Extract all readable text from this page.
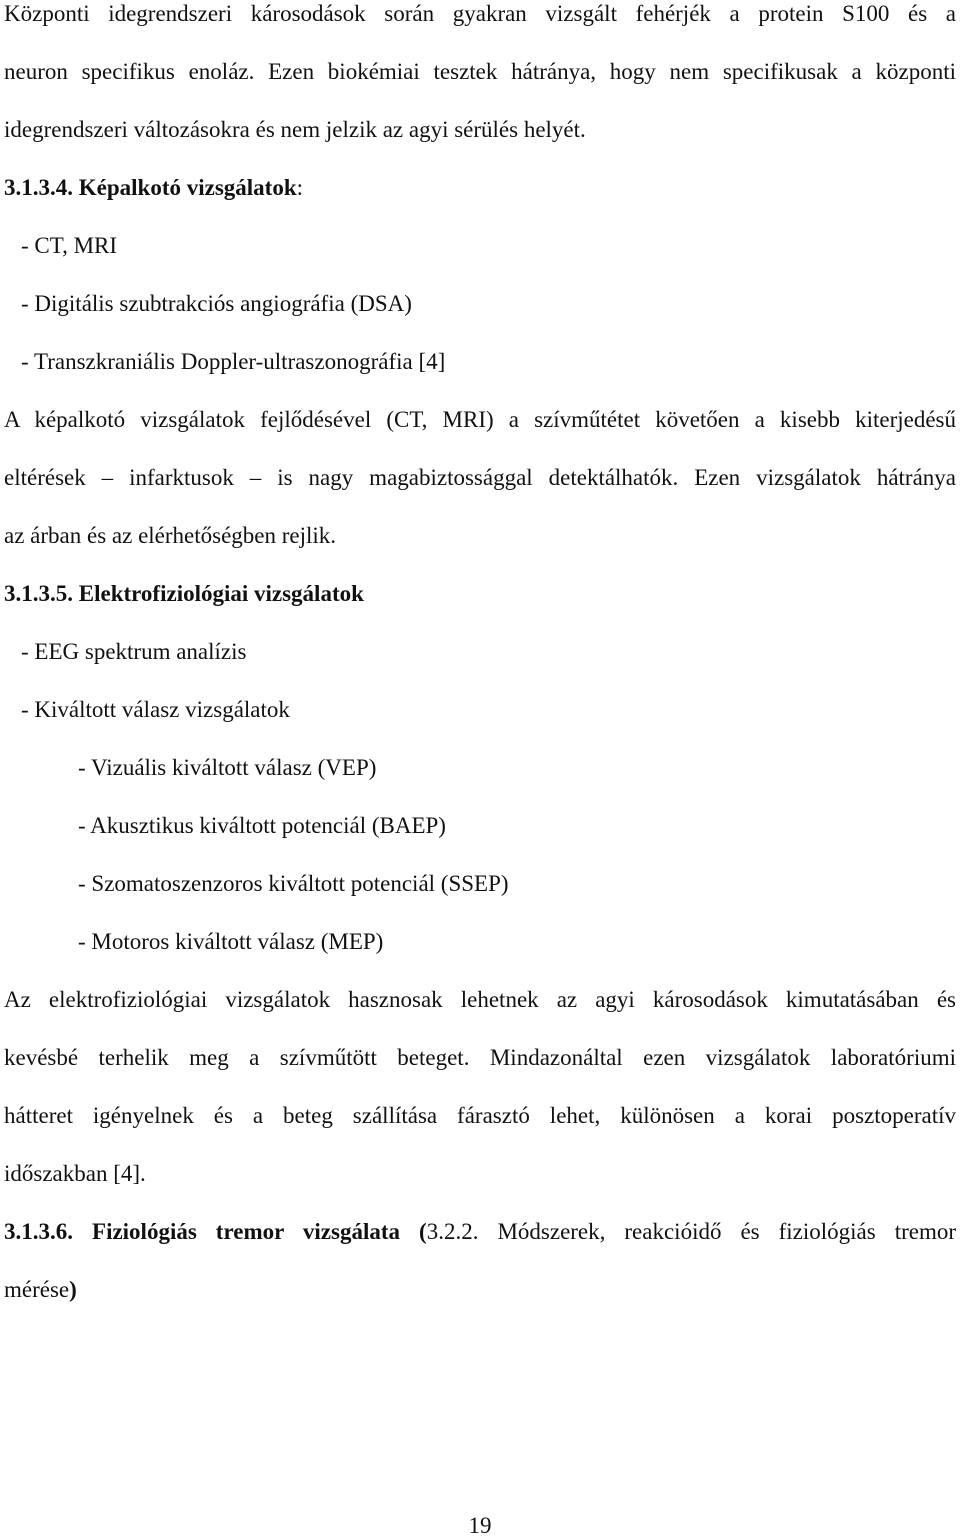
Központi idegrendszeri károsodások során gyakran vizsgált fehérjék a protein S100 és a
neuron specifikus enoláz. Ezen biokémiai tesztek hátránya, hogy nem specifikusak a központi
idegrendszeri változásokra és nem jelzik az agyi sérülés helyét.
3.1.3.4. Képalkotó vizsgálatok:
- CT, MRI
- Digitális szubtrakciós angiográfia (DSA)
- Transzkraniális Doppler-ultraszonográfia [4]
A képalkotó vizsgálatok fejlődésével (CT, MRI) a szívműtétet követően a kisebb kiterjedésű
eltérések – infarktusok – is nagy magabiztossággal detektálhatók. Ezen vizsgálatok hátránya
az árban és az elérhetőségben rejlik.
3.1.3.5. Elektrofiziológiai vizsgálatok
- EEG spektrum analízis
- Kiváltott válasz vizsgálatok
- Vizuális kiváltott válasz (VEP)
- Akusztikus kiváltott potenciál (BAEP)
- Szomatoszenzoros kiváltott potenciál (SSEP)
- Motoros kiváltott válasz (MEP)
Az elektrofiziológiai vizsgálatok hasznosak lehetnek az agyi károsodások kimutatásában és
kevésbé terhelik meg a szívműtött beteget. Mindazonáltal ezen vizsgálatok laboratóriumi
hátteret igényelnek és a beteg szállítása fárasztó lehet, különösen a korai posztoperatív
időszakban [4].
3.1.3.6. Fiziológiás tremor vizsgálata (3.2.2. Módszerek, reakcióidő és fiziológiás tremor
mérése)
19
